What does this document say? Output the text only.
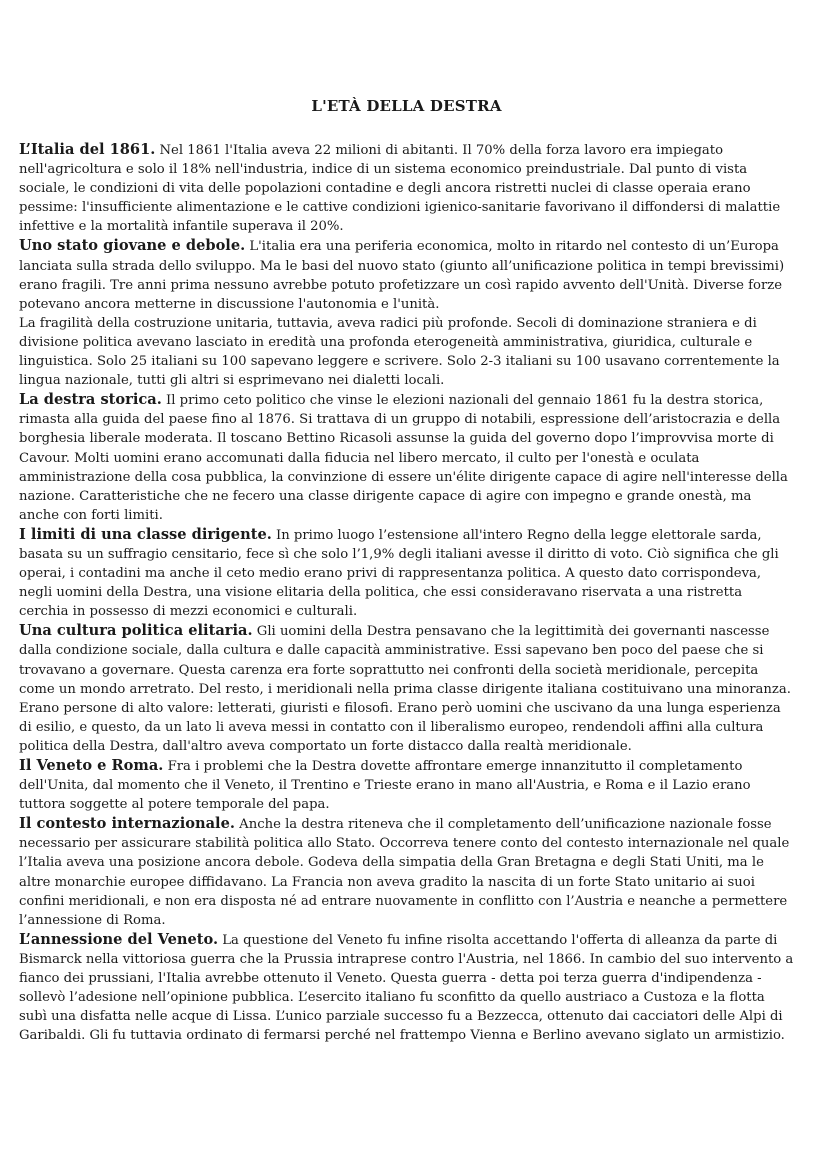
L'ETÀ DELLA DESTRA

L’Italia del 1861. Nel 1861 l'Italia aveva 22 milioni di abitanti. Il 70% della forza lavoro era impiegato nell'agricoltura e solo il 18% nell'industria, indice di un sistema economico preindustriale. Dal punto di vista sociale, le condizioni di vita delle popolazioni contadine e degli ancora ristretti nuclei di classe operaia erano pessime: l'insufficiente alimentazione e le cattive condizioni igienico-sanitarie favorivano il diffondersi di malattie infettive e la mortalità infantile superava il 20%.

Uno stato giovane e debole. L'italia era una periferia economica, molto in ritardo nel contesto di un’Europa lanciata sulla strada dello sviluppo. Ma le basi del nuovo stato (giunto all’unificazione politica in tempi brevissimi) erano fragili. Tre anni prima nessuno avrebbe potuto profetizzare un così rapido avvento dell'Unità. Diverse forze potevano ancora metterne in discussione l'autonomia e l'unità.

La fragilità della costruzione unitaria, tuttavia, aveva radici più profonde. Secoli di dominazione straniera e di divisione politica avevano lasciato in eredità una profonda eterogeneità amministrativa, giuridica, culturale e linguistica. Solo 25 italiani su 100 sapevano leggere e scrivere. Solo 2-3 italiani su 100 usavano correntemente la lingua nazionale, tutti gli altri si esprimevano nei dialetti locali.

La destra storica. Il primo ceto politico che vinse le elezioni nazionali del gennaio 1861 fu la destra storica, rimasta alla guida del paese fino al 1876. Si trattava di un gruppo di notabili, espressione dell’aristocrazia e della borghesia liberale moderata. Il toscano Bettino Ricasoli assunse la guida del governo dopo l’improvvisa morte di Cavour. Molti uomini erano accomunati dalla fiducia nel libero mercato, il culto per l'onestà e oculata amministrazione della cosa pubblica, la convinzione di essere un'élite dirigente capace di agire nell'interesse della nazione. Caratteristiche che ne fecero una classe dirigente capace di agire con impegno e grande onestà, ma anche con forti limiti.

I limiti di una classe dirigente. In primo luogo l’estensione all'intero Regno della legge elettorale sarda, basata su un suffragio censitario, fece sì che solo l’1,9% degli italiani avesse il diritto di voto. Ciò significa che gli operai, i contadini ma anche il ceto medio erano privi di rappresentanza politica. A questo dato corrispondeva, negli uomini della Destra, una visione elitaria della politica, che essi consideravano riservata a una ristretta cerchia in possesso di mezzi economici e culturali.

Una cultura politica elitaria. Gli uomini della Destra pensavano che la legittimità dei governanti nascesse dalla condizione sociale, dalla cultura e dalle capacità amministrative. Essi sapevano ben poco del paese che si trovavano a governare. Questa carenza era forte soprattutto nei confronti della società meridionale, percepita come un mondo arretrato. Del resto, i meridionali nella prima classe dirigente italiana costituivano una minoranza. Erano persone di alto valore: letterati, giuristi e filosofi. Erano però uomini che uscivano da una lunga esperienza di esilio, e questo, da un lato li aveva messi in contatto con il liberalismo europeo, rendendoli affini alla cultura politica della Destra, dall'altro aveva comportato un forte distacco dalla realtà meridionale.

Il Veneto e Roma. Fra i problemi che la Destra dovette affrontare emerge innanzitutto il completamento dell'Unita, dal momento che il Veneto, il Trentino e Trieste erano in mano all'Austria, e Roma e il Lazio erano tuttora soggette al potere temporale del papa.

Il contesto internazionale. Anche la destra riteneva che il completamento dell’unificazione nazionale fosse necessario per assicurare stabilità politica allo Stato. Occorreva tenere conto del contesto internazionale nel quale l’Italia aveva una posizione ancora debole. Godeva della simpatia della Gran Bretagna e degli Stati Uniti, ma le altre monarchie europee diffidavano. La Francia non aveva gradito la nascita di un forte Stato unitario ai suoi confini meridionali, e non era disposta né ad entrare nuovamente in conflitto con l’Austria e neanche a permettere l’annessione di Roma.

L’annessione del Veneto. La questione del Veneto fu infine risolta accettando l'offerta di alleanza da parte di Bismarck nella vittoriosa guerra che la Prussia intraprese contro l'Austria, nel 1866. In cambio del suo intervento a fianco dei prussiani, l'Italia avrebbe ottenuto il Veneto. Questa guerra - detta poi terza guerra d'indipendenza - sollevò l’adesione nell’opinione pubblica. L’esercito italiano fu sconfitto da quello austriaco a Custoza e la flotta subì una disfatta nelle acque di Lissa. L’unico parziale successo fu a Bezzecca, ottenuto dai cacciatori delle Alpi di Garibaldi. Gli fu tuttavia ordinato di fermarsi perché nel frattempo Vienna e Berlino avevano siglato un armistizio.
